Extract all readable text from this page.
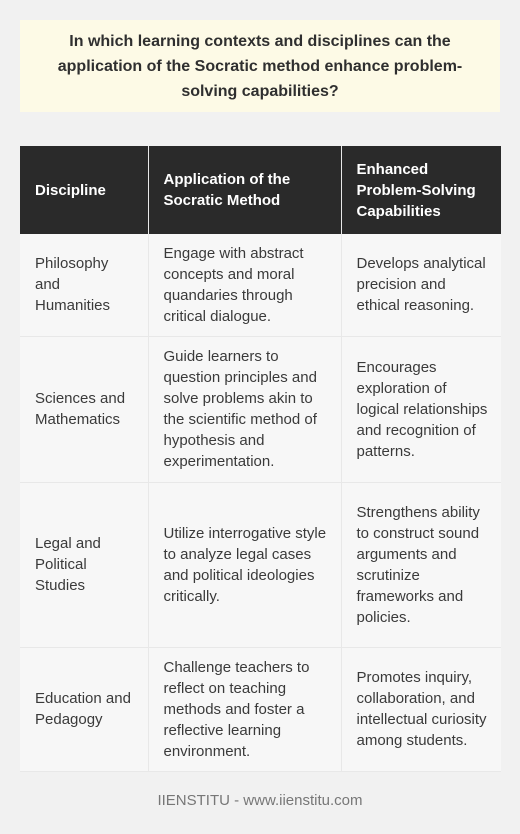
In which learning contexts and disciplines can the application of the Socratic method enhance problem-solving capabilities?
Discipline	Application of the Socratic Method	Enhanced Problem-Solving Capabilities
Philosophy and Humanities	Engage with abstract concepts and moral quandaries through critical dialogue.	Develops analytical precision and ethical reasoning.
Sciences and Mathematics	Guide learners to question principles and solve problems akin to the scientific method of hypothesis and experimentation.	Encourages exploration of logical relationships and recognition of patterns.
Legal and Political Studies	Utilize interrogative style to analyze legal cases and political ideologies critically.	Strengthens ability to construct sound arguments and scrutinize frameworks and policies.
Education and Pedagogy	Challenge teachers to reflect on teaching methods and foster a reflective learning environment.	Promotes inquiry, collaboration, and intellectual curiosity among students.
IIENSTITU - www.iienstitu.com
